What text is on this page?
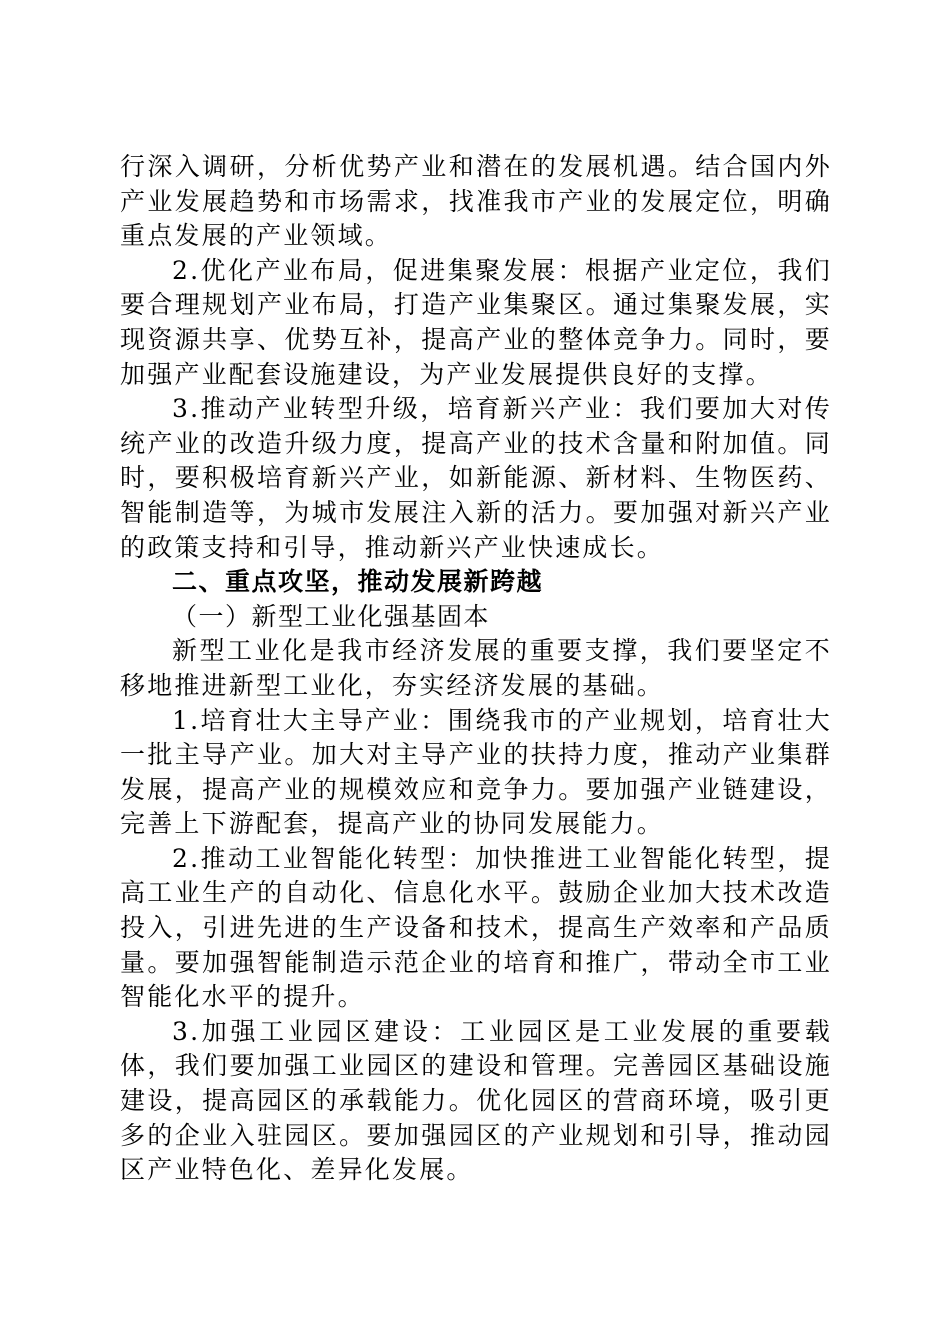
行深入调研，分析优势产业和潜在的发展机遇。结合国内外产业发展趋势和市场需求，找准我市产业的发展定位，明确重点发展的产业领域。

2.优化产业布局，促进集聚发展：根据产业定位，我们要合理规划产业布局，打造产业集聚区。通过集聚发展，实现资源共享、优势互补，提高产业的整体竞争力。同时，要加强产业配套设施建设，为产业发展提供良好的支撑。

3.推动产业转型升级，培育新兴产业：我们要加大对传统产业的改造升级力度，提高产业的技术含量和附加值。同时，要积极培育新兴产业，如新能源、新材料、生物医药、智能制造等，为城市发展注入新的活力。要加强对新兴产业的政策支持和引导，推动新兴产业快速成长。

二、重点攻坚，推动发展新跨越

（一）新型工业化强基固本

新型工业化是我市经济发展的重要支撑，我们要坚定不移地推进新型工业化，夯实经济发展的基础。

1.培育壮大主导产业：围绕我市的产业规划，培育壮大一批主导产业。加大对主导产业的扶持力度，推动产业集群发展，提高产业的规模效应和竞争力。要加强产业链建设，完善上下游配套，提高产业的协同发展能力。

2.推动工业智能化转型：加快推进工业智能化转型，提高工业生产的自动化、信息化水平。鼓励企业加大技术改造投入，引进先进的生产设备和技术，提高生产效率和产品质量。要加强智能制造示范企业的培育和推广，带动全市工业智能化水平的提升。

3.加强工业园区建设：工业园区是工业发展的重要载体，我们要加强工业园区的建设和管理。完善园区基础设施建设，提高园区的承载能力。优化园区的营商环境，吸引更多的企业入驻园区。要加强园区的产业规划和引导，推动园区产业特色化、差异化发展。
